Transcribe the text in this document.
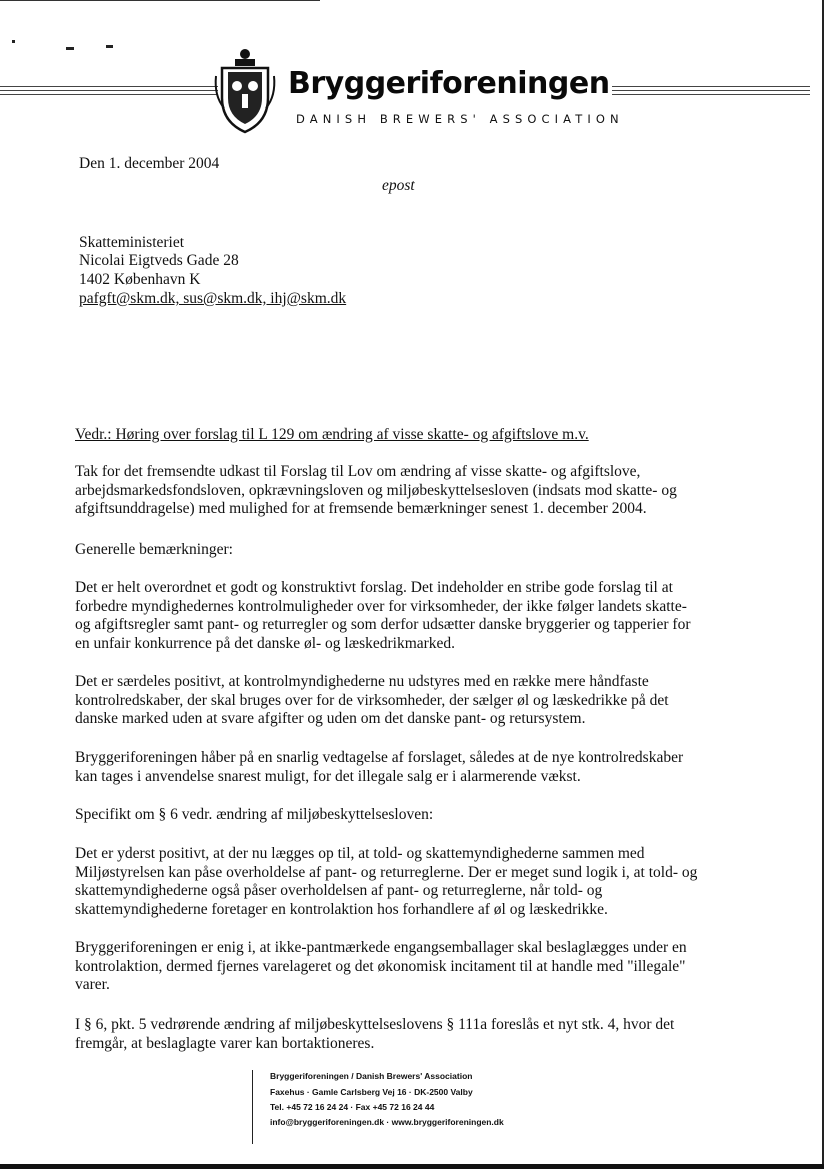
Bryggeriforeningen
DANISH BREWERS' ASSOCIATION
Den 1. december 2004
epost
Skatteministeriet
Nicolai Eigtveds Gade 28
1402 København K
pafgft@skm.dk, sus@skm.dk, ihj@skm.dk
Vedr.: Høring over forslag til L 129 om ændring af visse skatte- og afgiftslove m.v.
Tak for det fremsendte udkast til Forslag til Lov om ændring af visse skatte- og afgiftslove,
arbejdsmarkedsfondsloven, opkrævningsloven og miljøbeskyttelsesloven (indsats mod skatte- og
afgiftsunddragelse) med mulighed for at fremsende bemærkninger senest 1. december 2004.
Generelle bemærkninger:
Det er helt overordnet et godt og konstruktivt forslag. Det indeholder en stribe gode forslag til at
forbedre myndighedernes kontrolmuligheder over for virksomheder, der ikke følger landets skatte-
og afgiftsregler samt pant- og returregler og som derfor udsætter danske bryggerier og tapperier for
en unfair konkurrence på det danske øl- og læskedrikmarked.
Det er særdeles positivt, at kontrolmyndighederne nu udstyres med en række mere håndfaste
kontrolredskaber, der skal bruges over for de virksomheder, der sælger øl og læskedrikke på det
danske marked uden at svare afgifter og uden om det danske pant- og retursystem.
Bryggeriforeningen håber på en snarlig vedtagelse af forslaget, således at de nye kontrolredskaber
kan tages i anvendelse snarest muligt, for det illegale salg er i alarmerende vækst.
Specifikt om § 6 vedr. ændring af miljøbeskyttelsesloven:
Det er yderst positivt, at der nu lægges op til, at told- og skattemyndighederne sammen med
Miljøstyrelsen kan påse overholdelse af pant- og returreglerne. Der er meget sund logik i, at told- og
skattemyndighederne også påser overholdelsen af pant- og returreglerne, når told- og
skattemyndighederne foretager en kontrolaktion hos forhandlere af øl og læskedrikke.
Bryggeriforeningen er enig i, at ikke-pantmærkede engangsemballager skal beslaglægges under en
kontrolaktion, dermed fjernes varelageret og det økonomisk incitament til at handle med "illegale"
varer.
I § 6, pkt. 5 vedrørende ændring af miljøbeskyttelseslovens § 111a foreslås et nyt stk. 4, hvor det
fremgår, at beslaglagte varer kan bortaktioneres.
Bryggeriforeningen / Danish Brewers' Association
Faxehus · Gamle Carlsberg Vej 16 · DK-2500 Valby
Tel. +45 72 16 24 24 · Fax +45 72 16 24 44
info@bryggeriforeningen.dk · www.bryggeriforeningen.dk
